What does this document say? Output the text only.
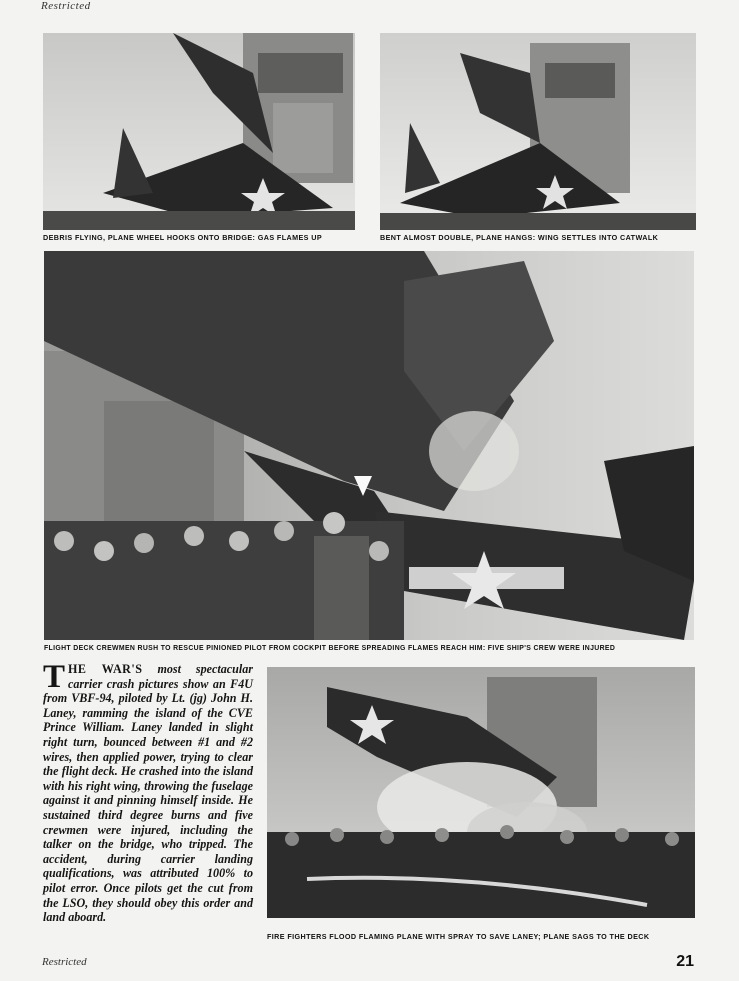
Restricted
DEBRIS FLYING, PLANE WHEEL HOOKS ONTO BRIDGE: GAS FLAMES UP	BENT ALMOST DOUBLE, PLANE HANGS: WING SETTLES INTO CATWALK
FLIGHT DECK CREWMEN RUSH TO RESCUE PINIONED PILOT FROM COCKPIT BEFORE SPREADING FLAMES REACH HIM: FIVE SHIP'S CREW WERE INJURED
THE WAR'S most spectacular carrier crash pictures show an F4U from VBF-94, piloted by Lt. (jg) John H. Laney, ramming the island of the CVE Prince William. Laney landed in slight right turn, bounced between #1 and #2 wires, then applied power, trying to clear the flight deck. He crashed into the island with his right wing, throwing the fuselage against it and pinning himself inside. He sustained third degree burns and five crewmen were injured, including the talker on the bridge, who tripped. The accident, during carrier landing qualifications, was attributed 100% to pilot error. Once pilots get the cut from the LSO, they should obey this order and land aboard.
FIRE FIGHTERS FLOOD FLAMING PLANE WITH SPRAY TO SAVE LANEY; PLANE SAGS TO THE DECK
Restricted	21
